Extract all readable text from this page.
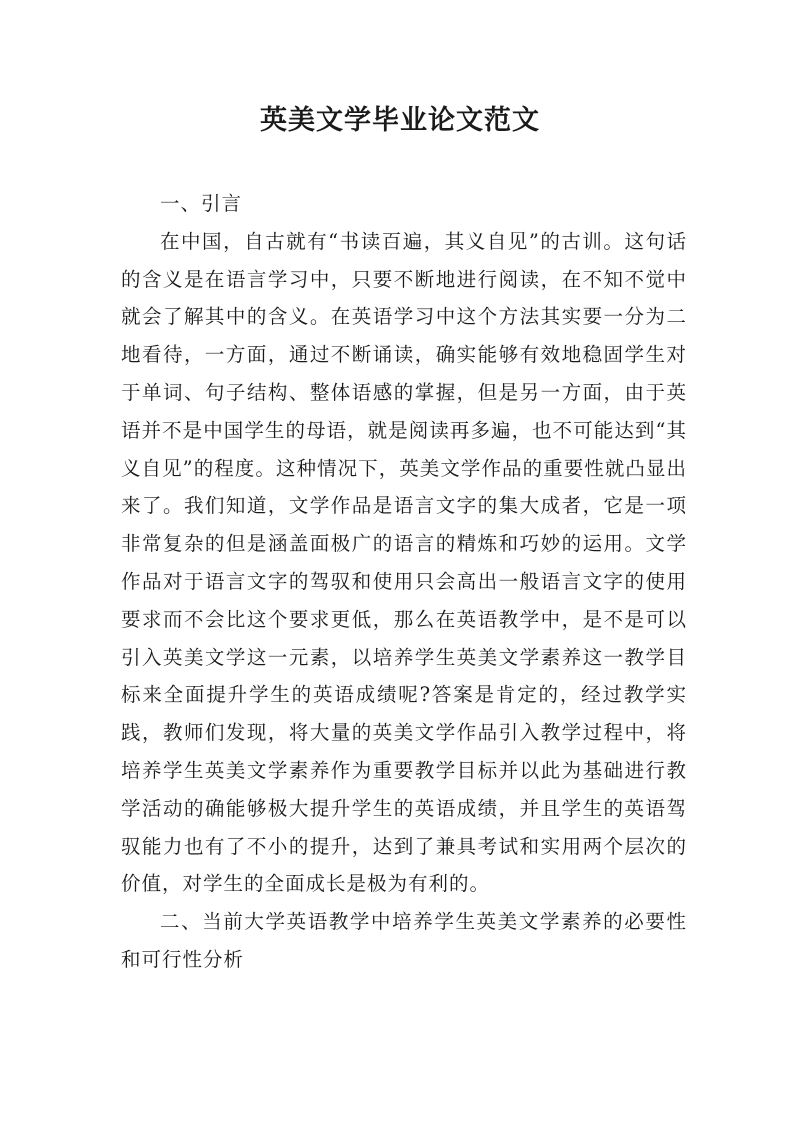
英美文学毕业论文范文

一、引言

在中国，自古就有“书读百遍，其义自见”的古训。这句话的含义是在语言学习中，只要不断地进行阅读，在不知不觉中就会了解其中的含义。在英语学习中这个方法其实要一分为二地看待，一方面，通过不断诵读，确实能够有效地稳固学生对于单词、句子结构、整体语感的掌握，但是另一方面，由于英语并不是中国学生的母语，就是阅读再多遍，也不可能达到“其义自见”的程度。这种情况下，英美文学作品的重要性就凸显出来了。我们知道，文学作品是语言文字的集大成者，它是一项非常复杂的但是涵盖面极广的语言的精炼和巧妙的运用。文学作品对于语言文字的驾驭和使用只会高出一般语言文字的使用要求而不会比这个要求更低，那么在英语教学中，是不是可以引入英美文学这一元素，以培养学生英美文学素养这一教学目标来全面提升学生的英语成绩呢?答案是肯定的，经过教学实践，教师们发现，将大量的英美文学作品引入教学过程中，将培养学生英美文学素养作为重要教学目标并以此为基础进行教学活动的确能够极大提升学生的英语成绩，并且学生的英语驾驭能力也有了不小的提升，达到了兼具考试和实用两个层次的价值，对学生的全面成长是极为有利的。

二、当前大学英语教学中培养学生英美文学素养的必要性和可行性分析
